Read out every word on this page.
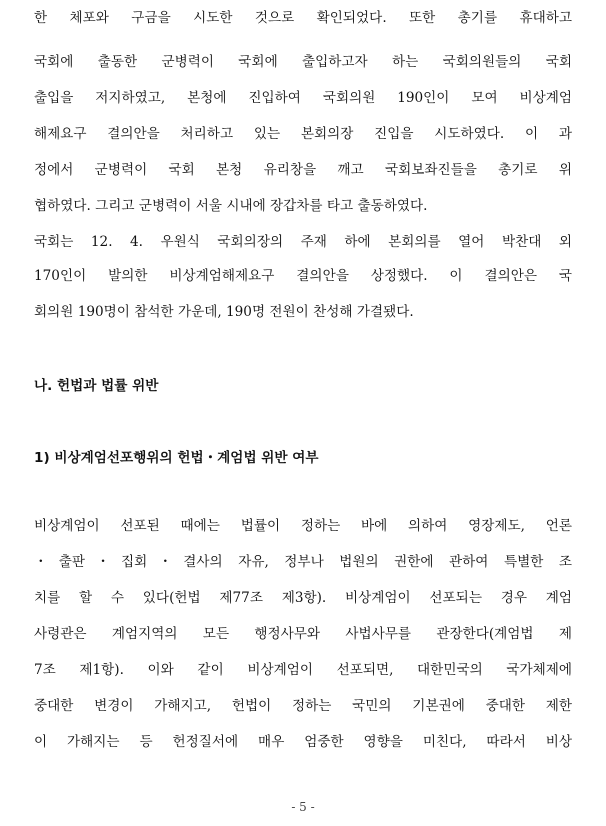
한 체포와 구금을 시도한 것으로 확인되었다. 또한 총기를 휴대하고
국회에 출동한 군병력이 국회에 출입하고자 하는 국회의원들의 국회
출입을 저지하였고, 본청에 진입하여 국회의원 190인이 모여 비상계엄
해제요구 결의안을 처리하고 있는 본회의장 진입을 시도하였다. 이 과
정에서 군병력이 국회 본청 유리창을 깨고 국회보좌진들을 총기로 위
협하였다. 그리고 군병력이 서울 시내에 장갑차를 타고 출동하였다.
국회는 12. 4. 우원식 국회의장의 주재 하에 본회의를 열어 박찬대 외
170인이 발의한 비상계엄해제요구 결의안을 상정했다. 이 결의안은 국
회의원 190명이 참석한 가운데, 190명 전원이 찬성해 가결됐다.
나. 헌법과 법률 위반
1) 비상계엄선포행위의 헌법・계엄법 위반 여부
비상계엄이 선포된 때에는 법률이 정하는 바에 의하여 영장제도, 언론
・출판・집회・결사의 자유, 정부나 법원의 권한에 관하여 특별한 조
치를 할 수 있다(헌법 제77조 제3항). 비상계엄이 선포되는 경우 계엄
사령관은 계엄지역의 모든 행정사무와 사법사무를 관장한다(계엄법 제
7조 제1항). 이와 같이 비상계엄이 선포되면, 대한민국의 국가체제에
중대한 변경이 가해지고, 헌법이 정하는 국민의 기본권에 중대한 제한
이 가해지는 등 헌정질서에 매우 엄중한 영향을 미친다, 따라서 비상
- 5 -
